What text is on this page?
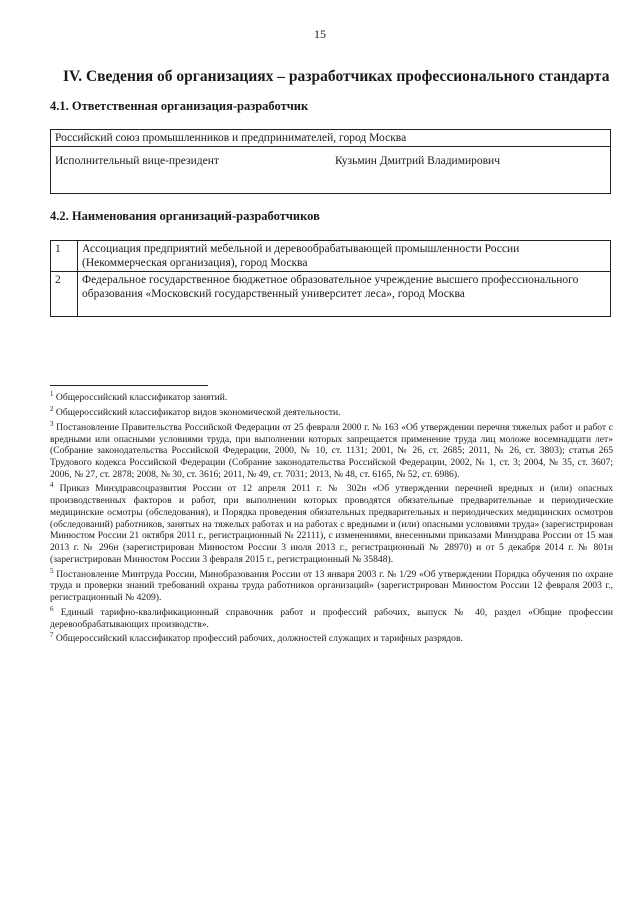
15
IV. Сведения об организациях – разработчиках профессионального стандарта
4.1. Ответственная организация-разработчик
Российский союз промышленников и предпринимателей, город Москва
Исполнительный вице-президент	Кузьмин Дмитрий Владимирович
4.2. Наименования организаций-разработчиков
1	Ассоциация предприятий мебельной и деревообрабатывающей промышленности России (Некоммерческая организация), город Москва
2	Федеральное государственное бюджетное образовательное учреждение высшего профессионального образования «Московский государственный университет леса», город Москва

$^1$ Общероссийский классификатор занятий.

$^2$ Общероссийский классификатор видов экономической деятельности.

$^3$ Постановление Правительства Российской Федерации от 25 февраля 2000 г. № 163 «Об утверждении перечня тяжелых работ и работ с вредными или опасными условиями труда, при выполнении которых запрещается применение труда лиц моложе восемнадцати лет» (Собрание законодательства Российской Федерации, 2000, № 10, ст. 1131; 2001, № 26, ст. 2685; 2011, № 26, ст. 3803); статья 265 Трудового кодекса Российской Федерации (Собрание законодательства Российской Федерации, 2002, № 1, ст. 3; 2004, № 35, ст. 3607; 2006, № 27, ст. 2878; 2008, № 30, ст. 3616; 2011, № 49, ст. 7031; 2013, № 48, ст. 6165, № 52, ст. 6986).

$^4$ Приказ Минздравсоцразвития России от 12 апреля 2011 г. № 302н «Об утверждении перечней вредных и (или) опасных производственных факторов и работ, при выполнении которых проводятся обязательные предварительные и периодические медицинские осмотры (обследования), и Порядка проведения обязательных предварительных и периодических медицинских осмотров (обследований) работников, занятых на тяжелых работах и на работах с вредными и (или) опасными условиями труда» (зарегистрирован Минюстом России 21 октября 2011 г., регистрационный № 22111), с изменениями, внесенными приказами Минздрава России от 15 мая 2013 г. № 296н (зарегистрирован Минюстом России 3 июля 2013 г., регистрационный № 28970) и от 5 декабря 2014 г. № 801н (зарегистрирован Минюстом России 3 февраля 2015 г., регистрационный № 35848).

$^5$ Постановление Минтруда России, Минобразования России от 13 января 2003 г. № 1/29 «Об утверждении Порядка обучения по охране труда и проверки знаний требований охраны труда работников организаций» (зарегистрирован Минюстом России 12 февраля 2003 г., регистрационный № 4209).

$^6$ Единый тарифно-квалификационный справочник работ и профессий рабочих, выпуск № 40, раздел «Общие профессии деревообрабатывающих производств».

$^7$ Общероссийский классификатор профессий рабочих, должностей служащих и тарифных разрядов.
